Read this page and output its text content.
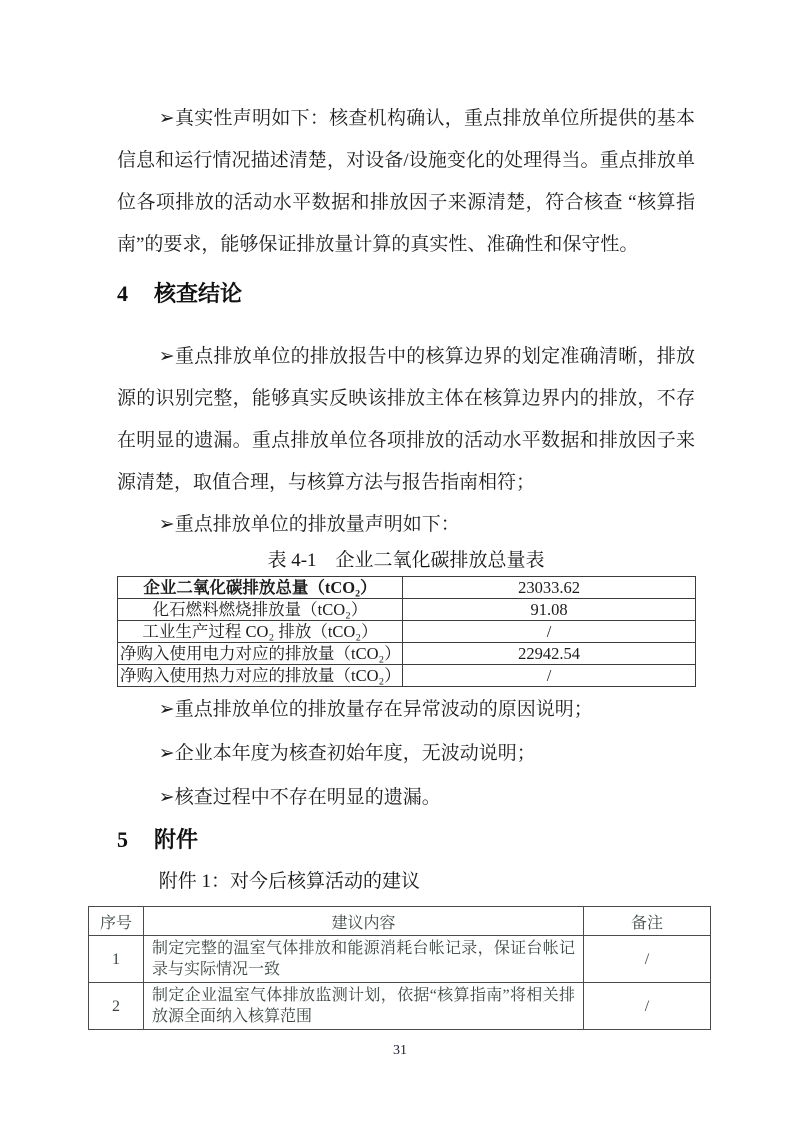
➢真实性声明如下：核查机构确认，重点排放单位所提供的基本信息和运行情况描述清楚，对设备/设施变化的处理得当。重点排放单位各项排放的活动水平数据和排放因子来源清楚，符合核查 “核算指南”的要求，能够保证排放量计算的真实性、准确性和保守性。

4 核查结论

➢重点排放单位的排放报告中的核算边界的划定准确清晰，排放源的识别完整，能够真实反映该排放主体在核算边界内的排放，不存在明显的遗漏。重点排放单位各项排放的活动水平数据和排放因子来源清楚，取值合理，与核算方法与报告指南相符；

➢重点排放单位的排放量声明如下：

表 4-1　企业二氧化碳排放总量表

企业二氧化碳排放总量（tCO₂）	23033.62
化石燃料燃烧排放量（tCO₂）	91.08
工业生产过程 CO₂ 排放（tCO₂）	/
净购入使用电力对应的排放量（tCO₂）	22942.54
净购入使用热力对应的排放量（tCO₂）	/

➢重点排放单位的排放量存在异常波动的原因说明；

➢企业本年度为核查初始年度，无波动说明；

➢核查过程中不存在明显的遗漏。

5 附件

附件 1：对今后核算活动的建议

序号	建议内容	备注
1	制定完整的温室气体排放和能源消耗台帐记录，保证台帐记录与实际情况一致	/
2	制定企业温室气体排放监测计划，依据“核算指南”将相关排放源全面纳入核算范围	/
31
